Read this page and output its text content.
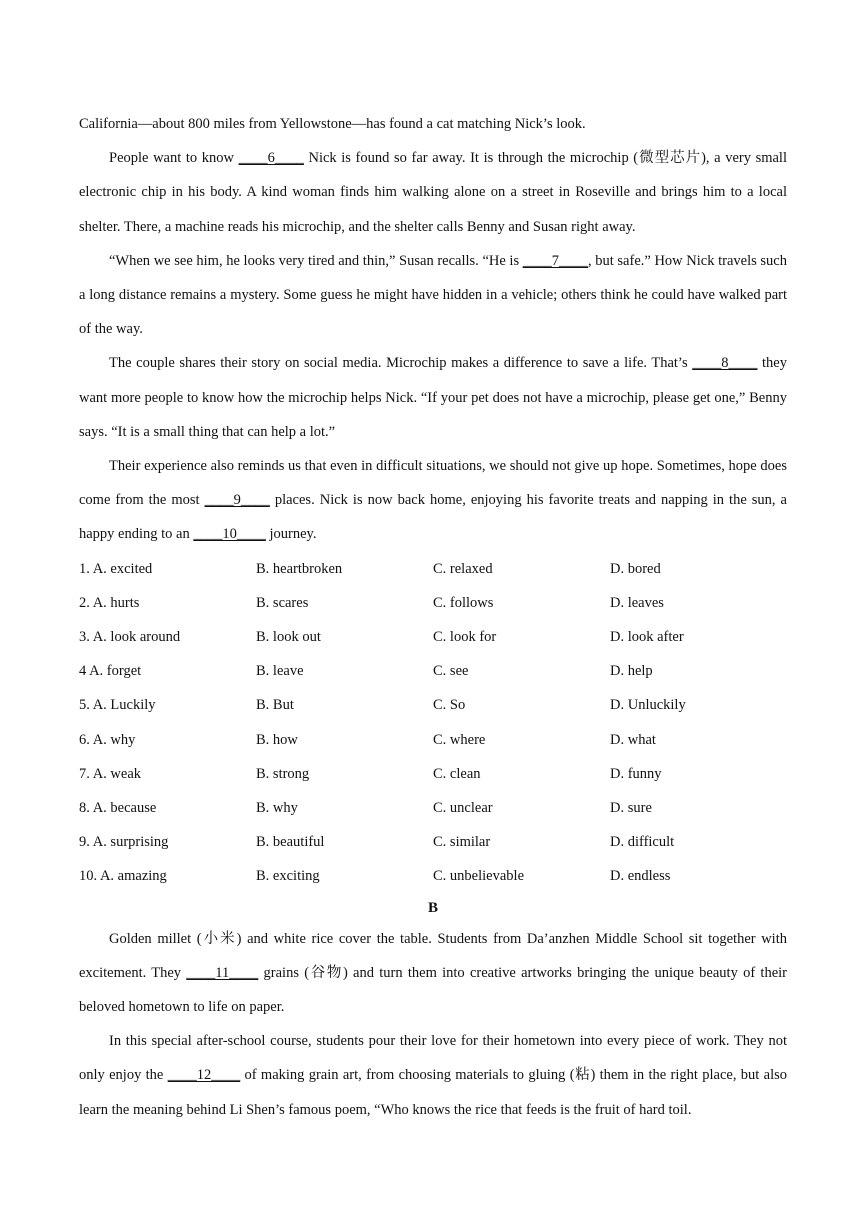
California—about 800 miles from Yellowstone—has found a cat matching Nick’s look.

People want to know ____6____ Nick is found so far away. It is through the microchip (微型芯片), a very small electronic chip in his body. A kind woman finds him walking alone on a street in Roseville and brings him to a local shelter. There, a machine reads his microchip, and the shelter calls Benny and Susan right away.

“When we see him, he looks very tired and thin,” Susan recalls. “He is ____7____, but safe.” How Nick travels such a long distance remains a mystery. Some guess he might have hidden in a vehicle; others think he could have walked part of the way.

The couple shares their story on social media. Microchip makes a difference to save a life. That’s ____8____ they want more people to know how the microchip helps Nick. “If your pet does not have a microchip, please get one,” Benny says. “It is a small thing that can help a lot.”

Their experience also reminds us that even in difficult situations, we should not give up hope. Sometimes, hope does come from the most ____9____ places. Nick is now back home, enjoying his favorite treats and napping in the sun, a happy ending to an ____10____ journey.

1. A. excited	B. heartbroken	C. relaxed	D. bored
2. A. hurts	B. scares	C. follows	D. leaves
3. A. look around	B. look out	C. look for	D. look after
4 A. forget	B. leave	C. see	D. help
5. A. Luckily	B. But	C. So	D. Unluckily
6. A. why	B. how	C. where	D. what
7. A. weak	B. strong	C. clean	D. funny
8. A. because	B. why	C. unclear	D. sure
9. A. surprising	B. beautiful	C. similar	D. difficult
10. A. amazing	B. exciting	C. unbelievable	D. endless
B

Golden millet (小米) and white rice cover the table. Students from Da’anzhen Middle School sit together with excitement. They ____11____ grains (谷物) and turn them into creative artworks bringing the unique beauty of their beloved hometown to life on paper.

In this special after-school course, students pour their love for their hometown into every piece of work. They not only enjoy the ____12____ of making grain art, from choosing materials to gluing (粘) them in the right place, but also learn the meaning behind Li Shen’s famous poem, “Who knows the rice that feeds is the fruit of hard toil.
